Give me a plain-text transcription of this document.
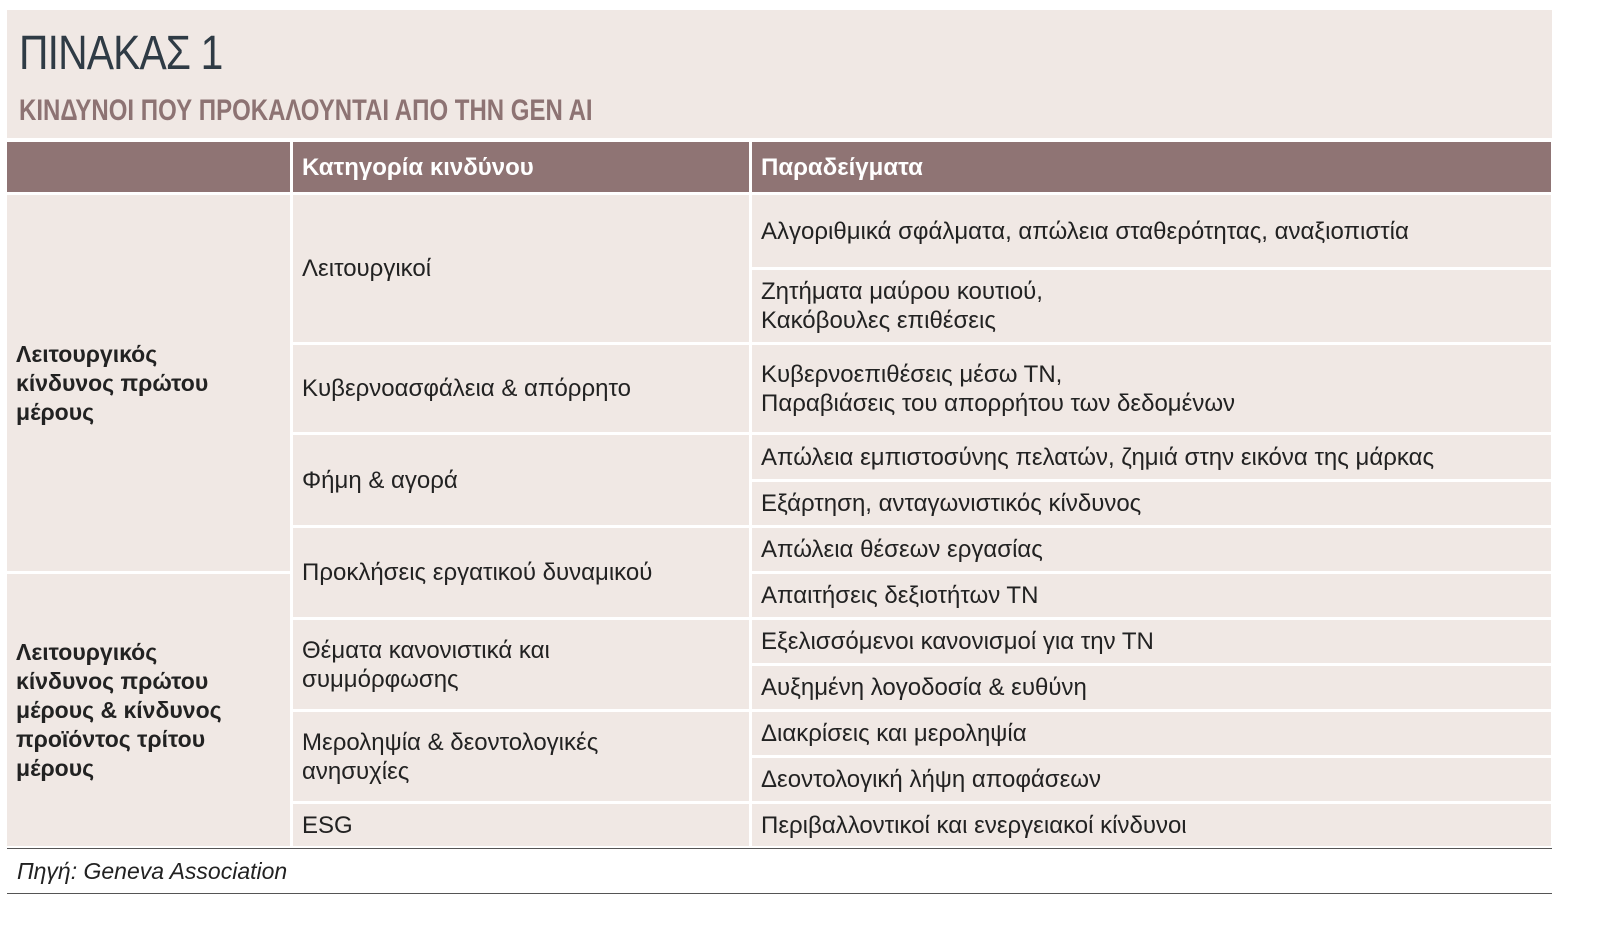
ΠΙΝΑΚΑΣ 1
ΚΙΝΔΥΝΟΙ ΠΟΥ ΠΡΟΚΑΛΟΥΝΤΑΙ ΑΠΟ ΤΗΝ GEN AI
Κατηγορία κινδύνου	Παραδείγματα
Λειτουργικός
κίνδυνος πρώτου
μέρους
Λειτουργικός
κίνδυνος πρώτου
μέρους & κίνδυνος
προϊόντος τρίτου
μέρους
Λειτουργικοί
Κυβερνοασφάλεια & απόρρητο
Φήμη & αγορά
Προκλήσεις εργατικού δυναμικού
Θέματα κανονιστικά και
συμμόρφωσης
Μεροληψία & δεοντολογικές
ανησυχίες
ESG
Αλγοριθμικά σφάλματα, απώλεια σταθερότητας, αναξιοπιστία
Ζητήματα μαύρου κουτιού,
Κακόβουλες επιθέσεις
Κυβερνοεπιθέσεις μέσω ΤΝ,
Παραβιάσεις του απορρήτου των δεδομένων
Απώλεια εμπιστοσύνης πελατών, ζημιά στην εικόνα της μάρκας
Εξάρτηση, ανταγωνιστικός κίνδυνος
Απώλεια θέσεων εργασίας
Απαιτήσεις δεξιοτήτων ΤΝ
Εξελισσόμενοι κανονισμοί για την ΤΝ
Αυξημένη λογοδοσία & ευθύνη
Διακρίσεις και μεροληψία
Δεοντολογική λήψη αποφάσεων
Περιβαλλοντικοί και ενεργειακοί κίνδυνοι
Πηγή: Geneva Association
